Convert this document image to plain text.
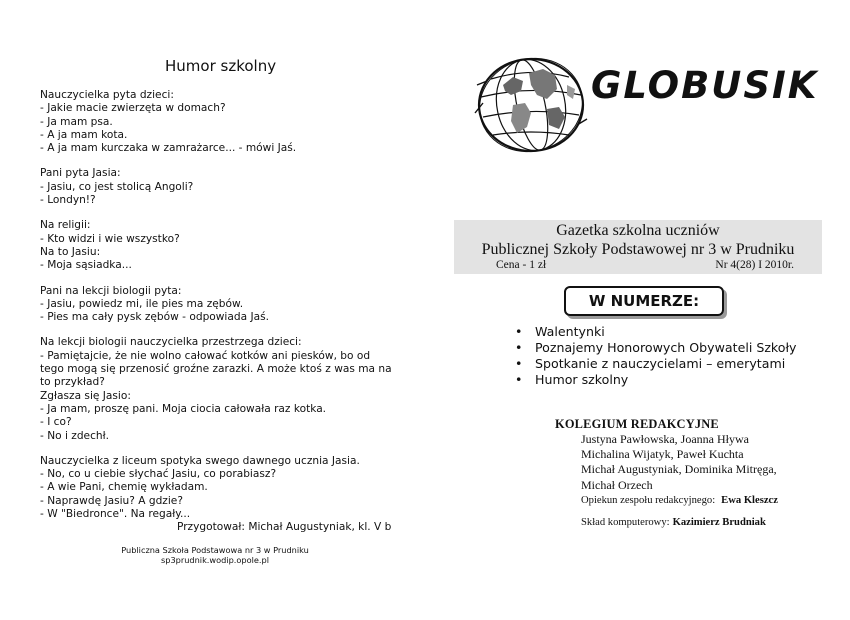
Humor szkolny
Nauczycielka pyta dzieci:
- Jakie macie zwierzęta w domach?
- Ja mam psa.
- A ja mam kota.
- A ja mam kurczaka w zamrażarce... - mówi Jaś.
Pani pyta Jasia:
- Jasiu, co jest stolicą Angoli?
- Londyn!?
Na religii:
- Kto widzi i wie wszystko?
Na to Jasiu:
- Moja sąsiadka...
Pani na lekcji biologii pyta:
- Jasiu, powiedz mi, ile pies ma zębów.
- Pies ma cały pysk zębów - odpowiada Jaś.
Na lekcji biologii nauczycielka przestrzega dzieci:
- Pamiętajcie, że nie wolno całować kotków ani piesków, bo od
tego mogą się przenosić groźne zarazki. A może ktoś z was ma na
to przykład?
Zgłasza się Jasio:
- Ja mam, proszę pani. Moja ciocia całowała raz kotka.
- I co?
- No i zdechł.
Nauczycielka z liceum spotyka swego dawnego ucznia Jasia.
- No, co u ciebie słychać Jasiu, co porabiasz?
- A wie Pani, chemię wykładam.
- Naprawdę Jasiu? A gdzie?
- W "Biedronce". Na regały...
Przygotował: Michał Augustyniak, kl. V b
Publiczna Szkoła Podstawowa nr 3 w Prudniku
sp3prudnik.wodip.opole.pl
GLOBUSIK
Gazetka szkolna uczniów
Publicznej Szkoły Podstawowej nr 3 w Prudniku
Cena - 1 zł	Nr 4(28) I 2010r.
W NUMERZE:
• Walentynki
• Poznajemy Honorowych Obywateli Szkoły
• Spotkanie z nauczycielami – emerytami
• Humor szkolny
KOLEGIUM REDAKCYJNE
Justyna Pawłowska, Joanna Hływa
Michalina Wijatyk, Paweł Kuchta
Michał Augustyniak, Dominika Mitręga,
Michał Orzech
Opiekun zespołu redakcyjnego: Ewa Kleszcz
Skład komputerowy: Kazimierz Brudniak
